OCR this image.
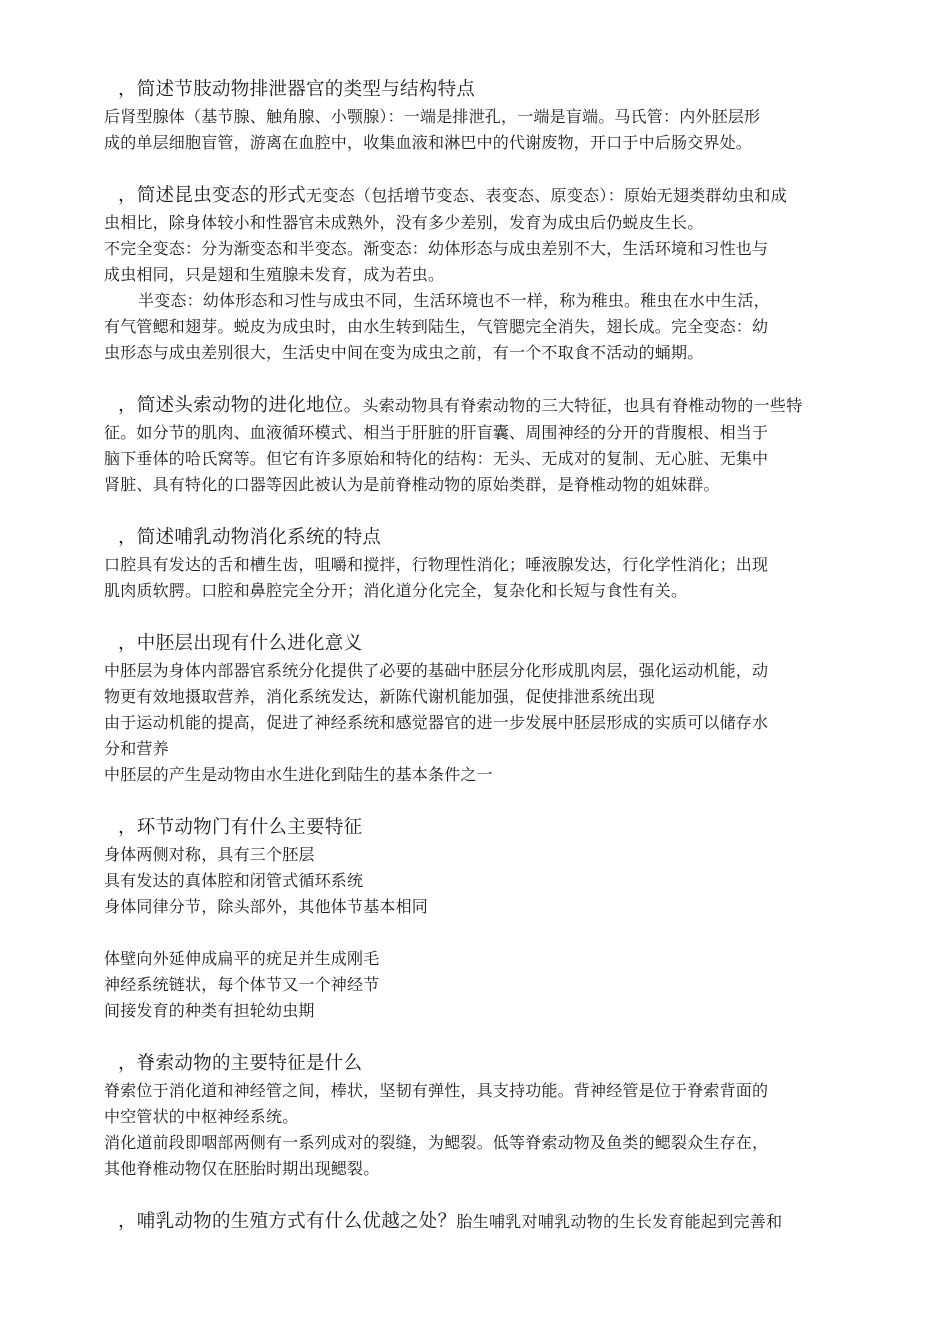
，简述节肢动物排泄器官的类型与结构特点
后肾型腺体（基节腺、触角腺、小颚腺）：一端是排泄孔，一端是盲端。马氏管：内外胚层形
成的单层细胞盲管，游离在血腔中，收集血液和淋巴中的代谢废物，开口于中后肠交界处。
，简述昆虫变态的形式无变态（包括增节变态、表变态、原变态）：原始无翅类群幼虫和成
虫相比，除身体较小和性器官未成熟外，没有多少差别，发育为成虫后仍蜕皮生长。
不完全变态：分为渐变态和半变态。渐变态：幼体形态与成虫差别不大，生活环境和习性也与
成虫相同，只是翅和生殖腺未发育，成为若虫。
半变态：幼体形态和习性与成虫不同，生活环境也不一样，称为稚虫。稚虫在水中生活，
有气管鳃和翅芽。蜕皮为成虫时，由水生转到陆生，气管腮完全消失，翅长成。完全变态：幼
虫形态与成虫差别很大，生活史中间在变为成虫之前，有一个不取食不活动的蛹期。
，简述头索动物的进化地位。头索动物具有脊索动物的三大特征，也具有脊椎动物的一些特
征。如分节的肌肉、血液循环模式、相当于肝脏的肝盲囊、周围神经的分开的背腹根、相当于
脑下垂体的哈氏窝等。但它有许多原始和特化的结构：无头、无成对的复制、无心脏、无集中
肾脏、具有特化的口器等因此被认为是前脊椎动物的原始类群，是脊椎动物的姐妹群。
，简述哺乳动物消化系统的特点
口腔具有发达的舌和槽生齿，咀嚼和搅拌，行物理性消化；唾液腺发达，行化学性消化；出现
肌肉质软腭。口腔和鼻腔完全分开；消化道分化完全，复杂化和长短与食性有关。
，中胚层出现有什么进化意义
中胚层为身体内部器官系统分化提供了必要的基础中胚层分化形成肌肉层，强化运动机能，动
物更有效地摄取营养，消化系统发达，新陈代谢机能加强，促使排泄系统出现
由于运动机能的提高，促进了神经系统和感觉器官的进一步发展中胚层形成的实质可以储存水
分和营养
中胚层的产生是动物由水生进化到陆生的基本条件之一
，环节动物门有什么主要特征
身体两侧对称，具有三个胚层
具有发达的真体腔和闭管式循环系统
身体同律分节，除头部外，其他体节基本相同
体壁向外延伸成扁平的疣足并生成刚毛
神经系统链状，每个体节又一个神经节
间接发育的种类有担轮幼虫期
，脊索动物的主要特征是什么
脊索位于消化道和神经管之间，棒状，坚韧有弹性，具支持功能。背神经管是位于脊索背面的
中空管状的中枢神经系统。
消化道前段即咽部两侧有一系列成对的裂缝，为鳃裂。低等脊索动物及鱼类的鳃裂众生存在，
其他脊椎动物仅在胚胎时期出现鳃裂。
，哺乳动物的生殖方式有什么优越之处？胎生哺乳对哺乳动物的生长发育能起到完善和
